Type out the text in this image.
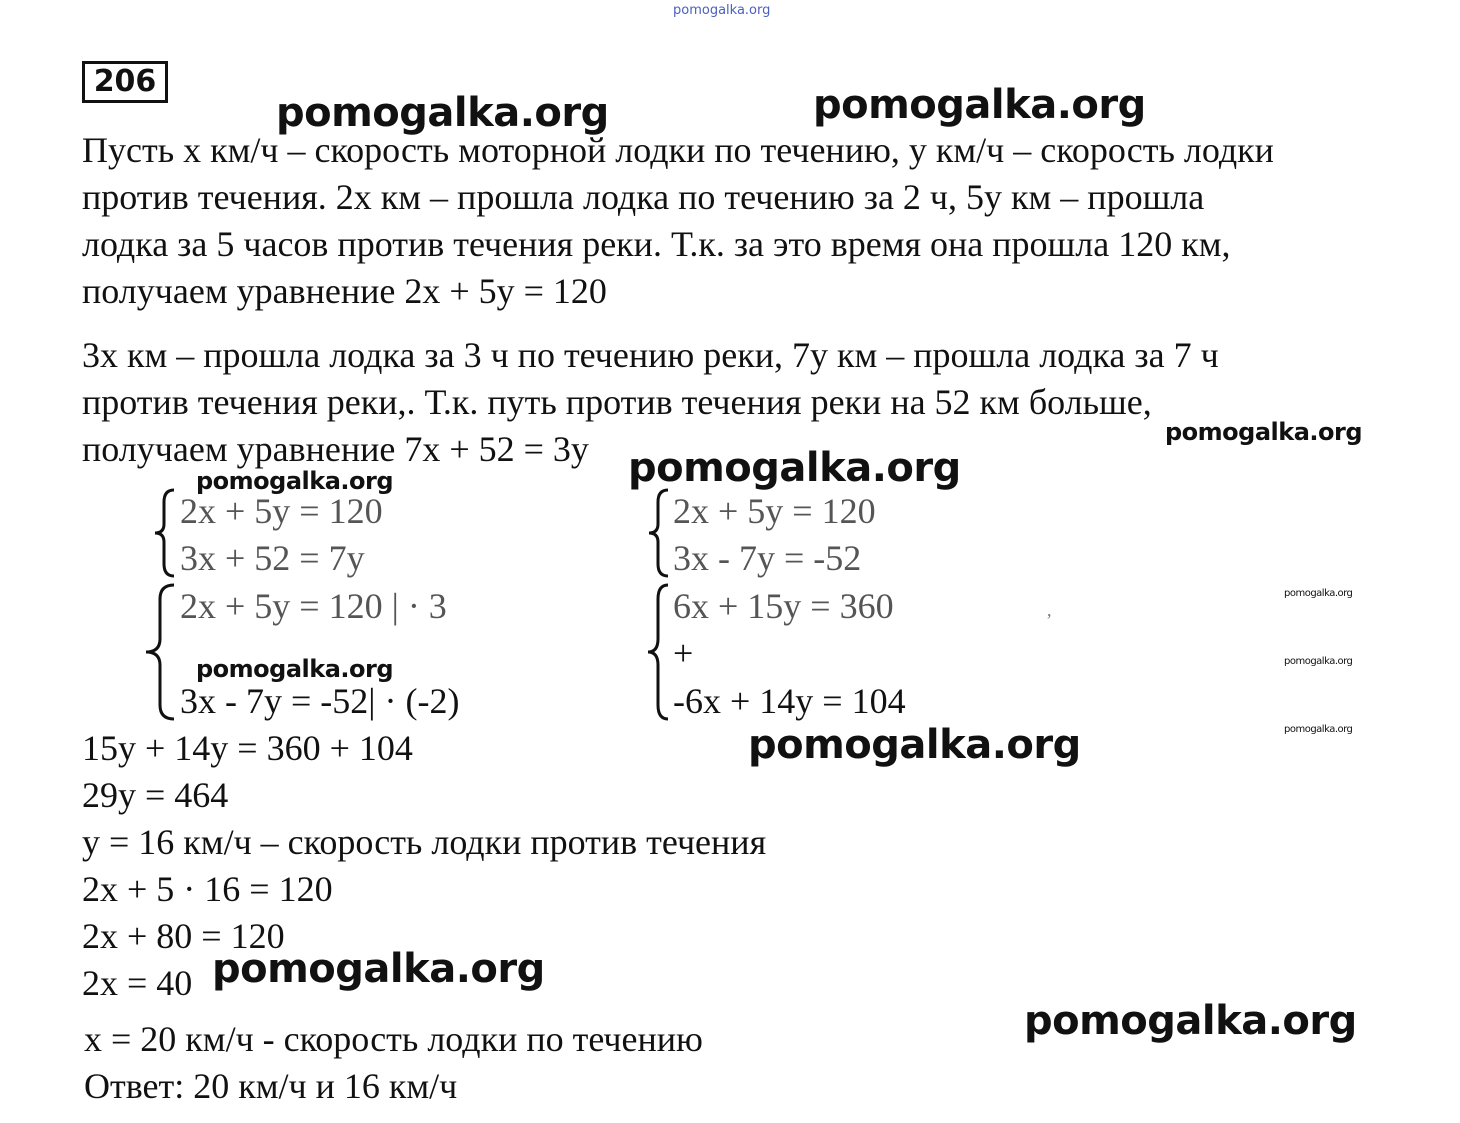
pomogalka.org
206
pomogalka.org	pomogalka.org
Пусть x км/ч – скорость моторной лодки по течению, y км/ч – скорость лодки
против течения. 2x км – прошла лодка по течению за 2 ч, 5y км – прошла
лодка за 5 часов против течения реки. Т.к. за это время она прошла 120 км,
получаем уравнение 2x + 5y = 120
3x км – прошла лодка за 3 ч по течению реки, 7y км – прошла лодка за 7 ч
против течения реки,. Т.к. путь против течения реки на 52 км больше,
получаем уравнение 7x + 52 = 3y	pomogalka.org
pomogalka.org
pomogalka.org
2x + 5y = 120
3x + 52 = 7y
2x + 5y = 120
3x - 7y = -52
2x + 5y = 120 | · 3
pomogalka.org
3x - 7y = -52| · (-2)
6x + 15y = 360
+
-6x + 14y = 104
,
pomogalka.org
pomogalka.org
pomogalka.org
15y + 14y = 360 + 104
29y = 464
y = 16 км/ч – скорость лодки против течения
2x + 5 · 16 = 120
2x + 80 = 120
2x = 40
pomogalka.org
pomogalka.org
pomogalka.org
x = 20 км/ч - скорость лодки по течению
Ответ: 20 км/ч и 16 км/ч
